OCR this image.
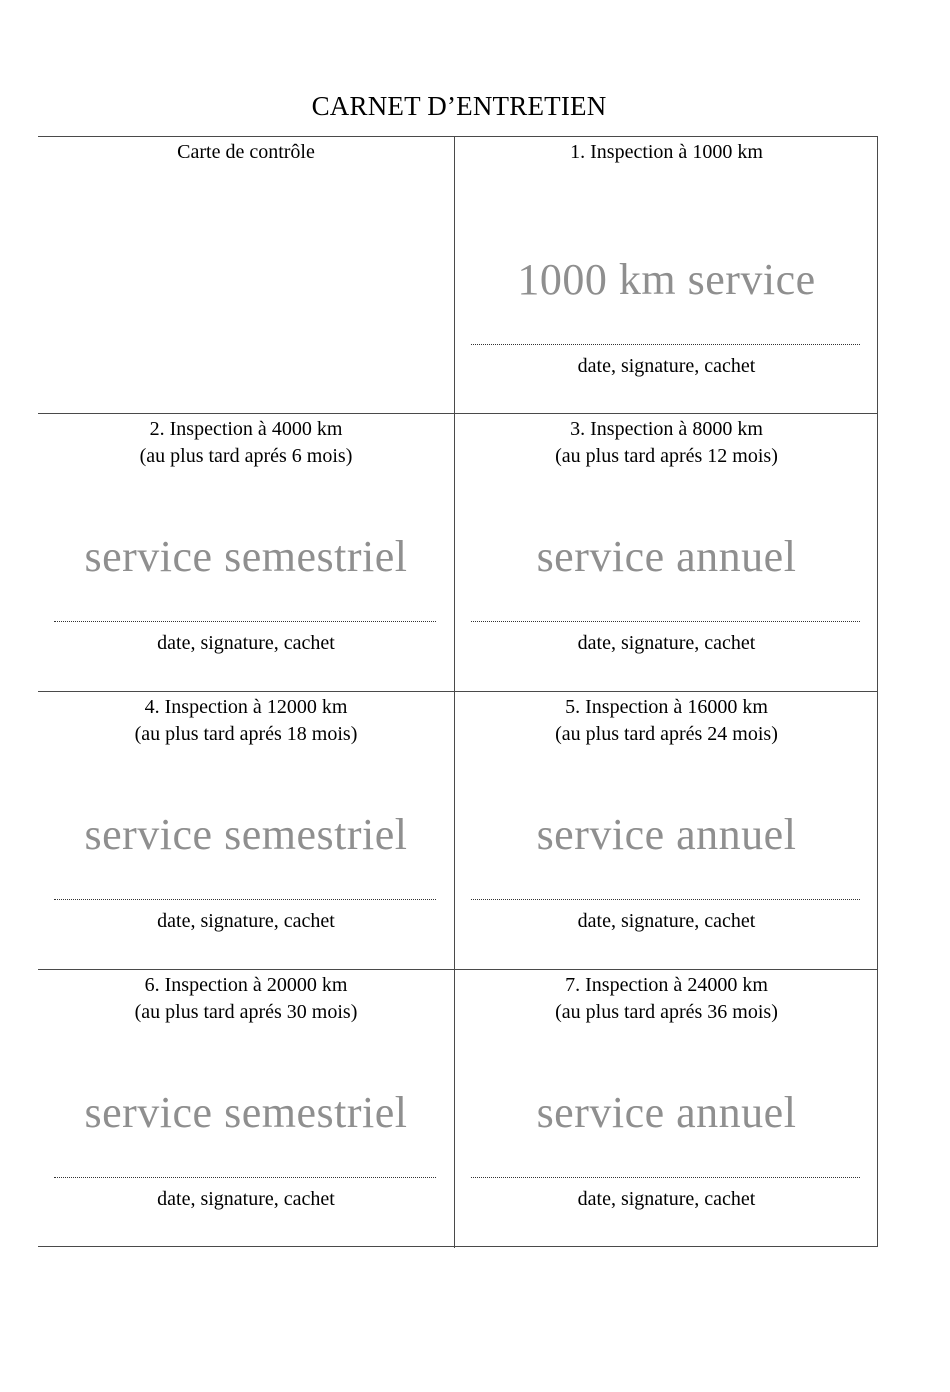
CARNET D’ENTRETIEN
Carte de contrôle	1. Inspection à 1000 km
1000 km service
date, signature, cachet
2. Inspection à 4000 km
(au plus tard aprés 6 mois)
service semestriel
date, signature, cachet
3. Inspection à 8000 km
(au plus tard aprés 12 mois)
service annuel
date, signature, cachet
4. Inspection à 12000 km
(au plus tard aprés 18 mois)
service semestriel
date, signature, cachet
5. Inspection à 16000 km
(au plus tard aprés 24 mois)
service annuel
date, signature, cachet
6. Inspection à 20000 km
(au plus tard aprés 30 mois)
service semestriel
date, signature, cachet
7. Inspection à 24000 km
(au plus tard aprés 36 mois)
service annuel
date, signature, cachet
